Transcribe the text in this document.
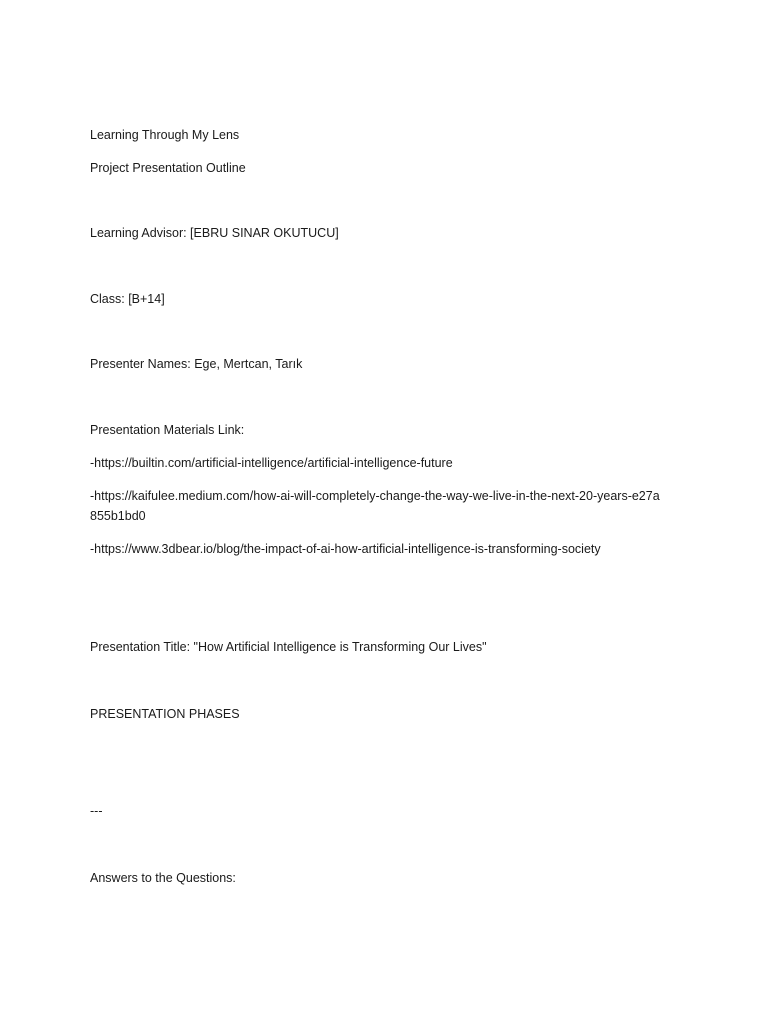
Learning Through My Lens
Project Presentation Outline
Learning Advisor: [EBRU SINAR OKUTUCU]
Class: [B+14]
Presenter Names: Ege, Mertcan, Tarık
Presentation Materials Link:
-https://builtin.com/artificial-intelligence/artificial-intelligence-future
-https://kaifulee.medium.com/how-ai-will-completely-change-the-way-we-live-in-the-next-20-years-e27a855b1bd0
-https://www.3dbear.io/blog/the-impact-of-ai-how-artificial-intelligence-is-transforming-society
Presentation Title: "How Artificial Intelligence is Transforming Our Lives"
PRESENTATION PHASES
---
Answers to the Questions:
